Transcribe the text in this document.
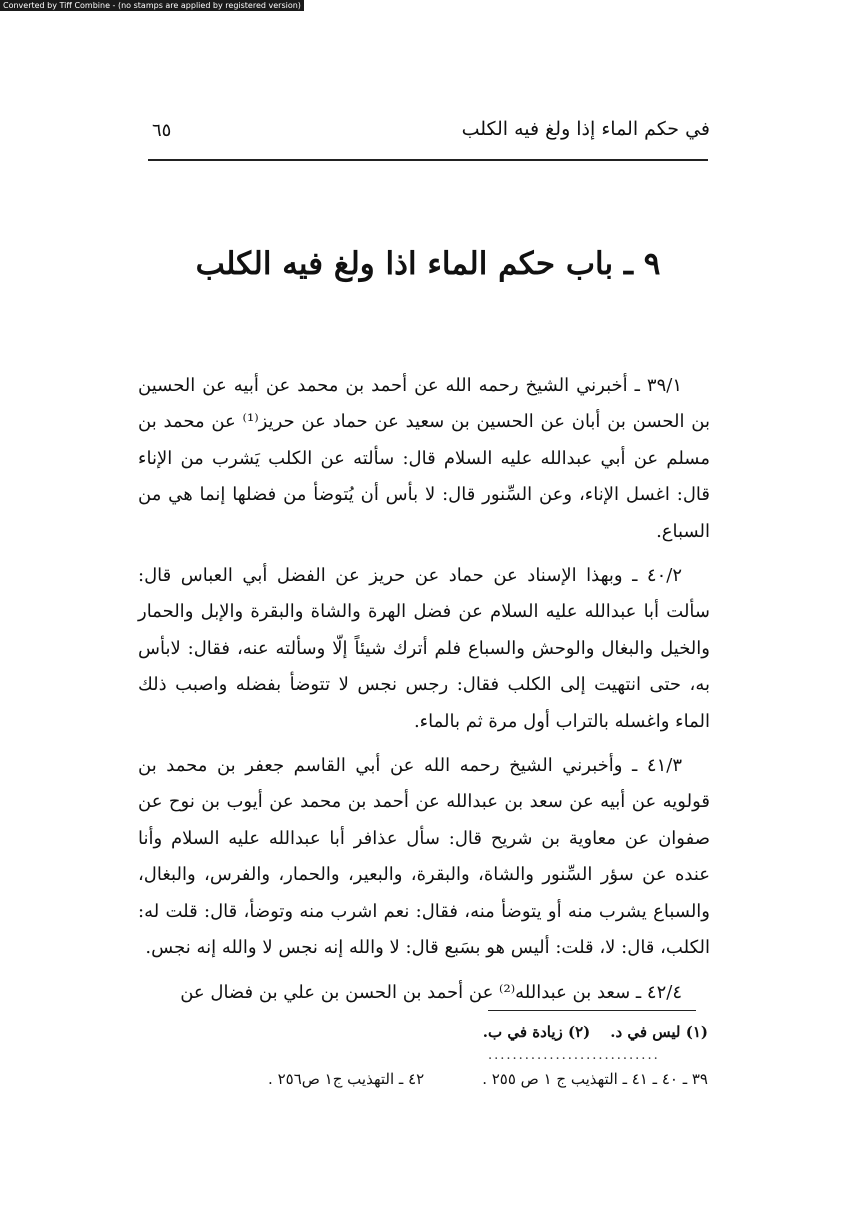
Converted by Tiff Combine - (no stamps are applied by registered version)
في حكم الماء إذا ولغ فيه الكلب
٦٥
٩ ـ باب حكم الماء اذا ولغ فيه الكلب

٣٩/١ ـ أخبرني الشيخ رحمه الله عن أحمد بن محمد عن أبيه عن الحسين بن الحسن بن أبان عن الحسين بن سعيد عن حماد عن حريز⁽¹⁾ عن محمد بن مسلم عن أبي عبدالله عليه السلام قال: سألته عن الكلب يَشرب من الإناء قال: اغسل الإناء، وعن السِّنور قال: لا بأس أن يُتوضأ من فضلها إنما هي من السباع.

٤٠/٢ ـ وبهذا الإسناد عن حماد عن حريز عن الفضل أبي العباس قال: سألت أبا عبدالله عليه السلام عن فضل الهرة والشاة والبقرة والإبل والحمار والخيل والبغال والوحش والسباع فلم أترك شيئاً إلّا وسألته عنه، فقال: لابأس به، حتى انتهيت إلى الكلب فقال: رجس نجس لا تتوضأ بفضله واصبب ذلك الماء واغسله بالتراب أول مرة ثم بالماء.

٤١/٣ ـ وأخبرني الشيخ رحمه الله عن أبي القاسم جعفر بن محمد بن قولويه عن أبيه عن سعد بن عبدالله عن أحمد بن محمد عن أيوب بن نوح عن صفوان عن معاوية بن شريح قال: سأل عذافر أبا عبدالله عليه السلام وأنا عنده عن سؤر السِّنور والشاة، والبقرة، والبعير، والحمار، والفرس، والبغال، والسباع يشرب منه أو يتوضأ منه، فقال: نعم اشرب منه وتوضأ، قال: قلت له: الكلب، قال: لا، قلت: أليس هو بسَبع قال: لا والله إنه نجس لا والله إنه نجس.

٤٢/٤ ـ سعد بن عبدالله⁽²⁾ عن أحمد بن الحسن بن علي بن فضال عن

(١) ليس في د.(٢) زيادة في ب.
............................
٣٩ ـ ٤٠ ـ ٤١ ـ التهذيب ج ١ ص ٢٥٥ .٤٢ ـ التهذيب ج١ ص٢٥٦ .
